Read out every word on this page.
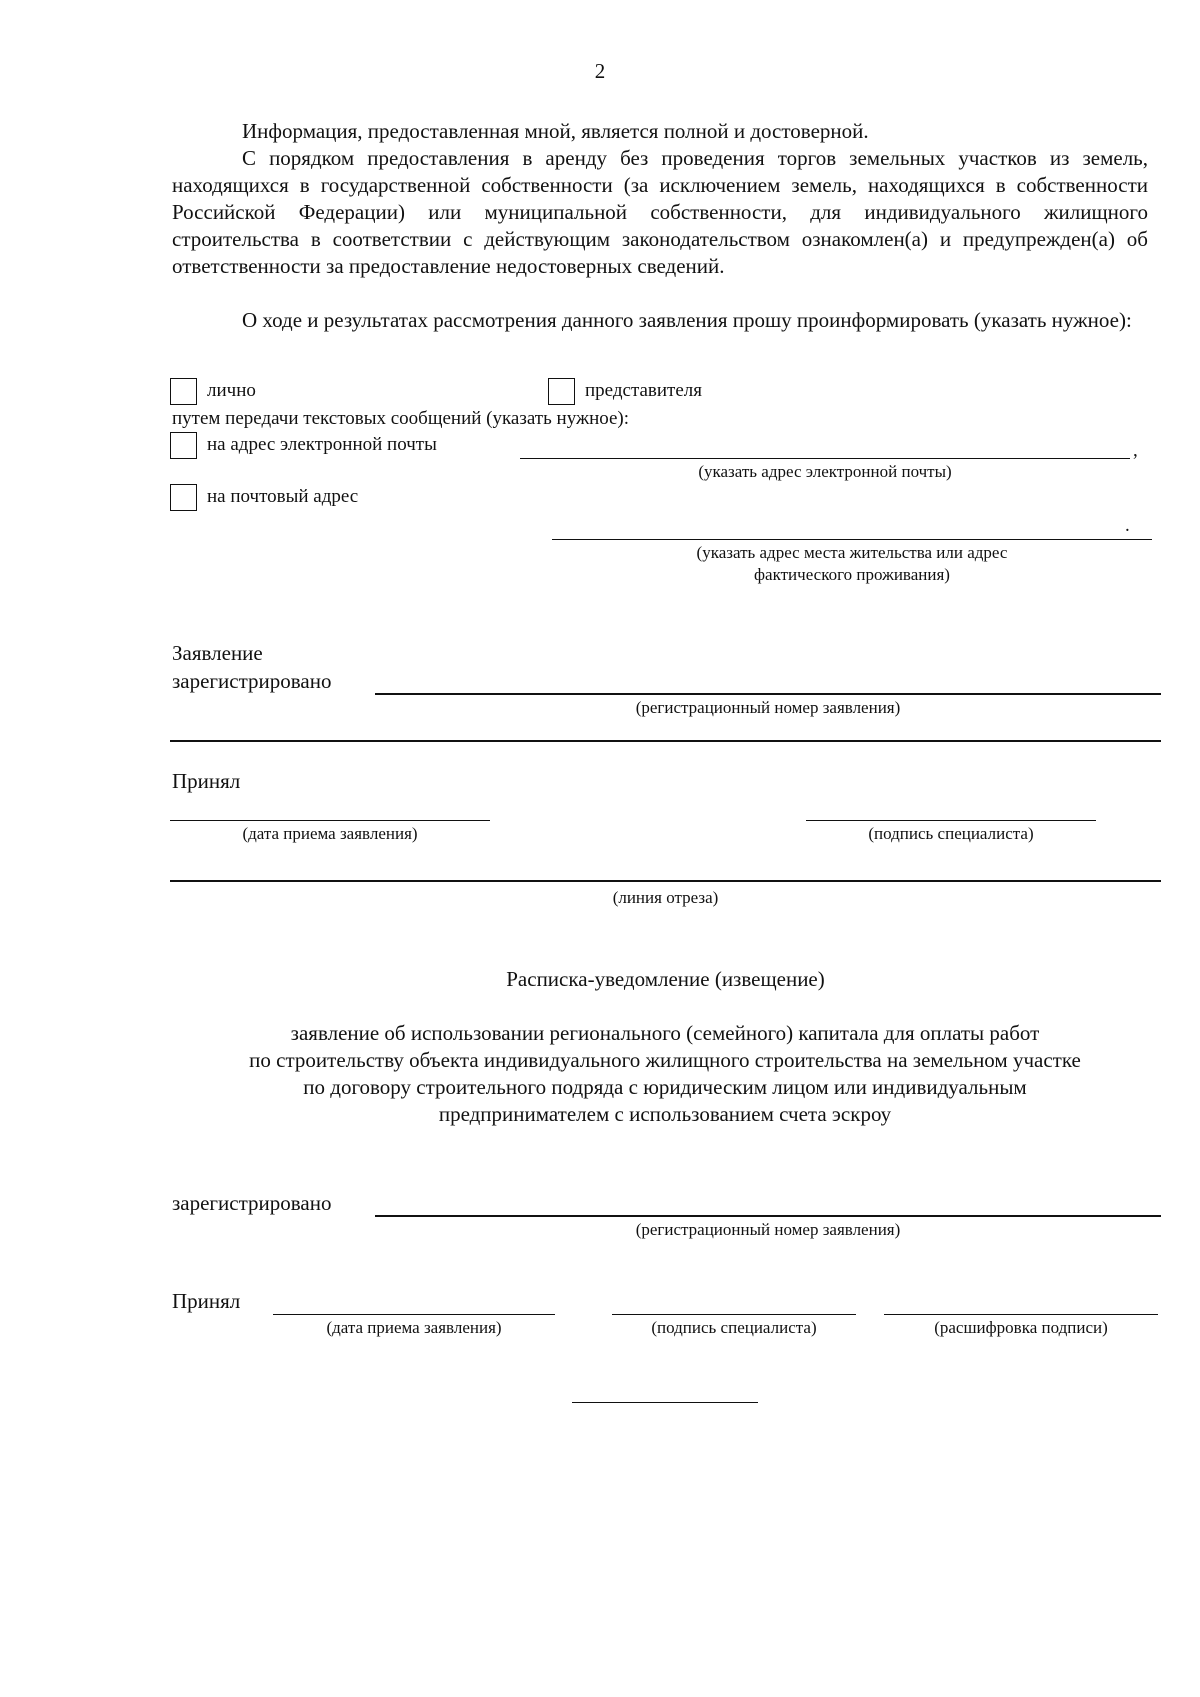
2
Информация, предоставленная мной, является полной и достоверной.
С порядком предоставления в аренду без проведения торгов земельных участков из земель, находящихся в государственной собственности (за исключением земель, находящихся в собственности Российской Федерации) или муниципальной собственности, для индивидуального жилищного строительства в соответствии с действующим законодательством ознакомлен(а) и предупрежден(а) об ответственности за предоставление недостоверных сведений.
О ходе и результатах рассмотрения данного заявления прошу проинформировать (указать нужное):
лично	представителя
путем передачи текстовых сообщений (указать нужное):
на адрес электронной почты	,
(указать адрес электронной почты)
на почтовый адрес
.
(указать адрес места жительства или адрес
фактического проживания)
Заявление
зарегистрировано
(регистрационный номер заявления)
Принял
(дата приема заявления)	(подпись специалиста)
(линия отреза)
Расписка-уведомление (извещение)
заявление об использовании регионального (семейного) капитала для оплаты работ
по строительству объекта индивидуального жилищного строительства на земельном участке
по договору строительного подряда с юридическим лицом или индивидуальным
предпринимателем с использованием счета эскроу
зарегистрировано
(регистрационный номер заявления)
Принял
(дата приема заявления)	(подпись специалиста)	(расшифровка подписи)
